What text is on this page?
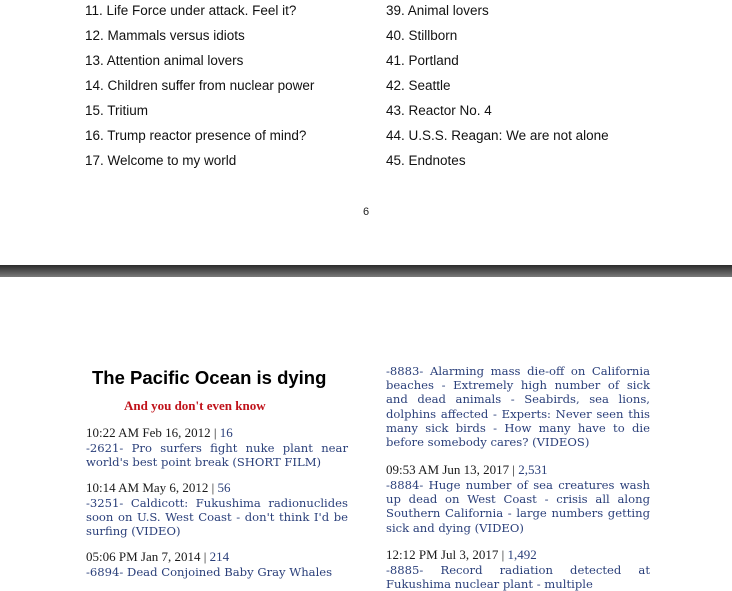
11. Life Force under attack. Feel it?
12. Mammals versus idiots
13. Attention animal lovers
14. Children suffer from nuclear power
15. Tritium
16. Trump reactor presence of mind?
17. Welcome to my world
39. Animal lovers
40. Stillborn
41. Portland
42. Seattle
43. Reactor No. 4
44. U.S.S. Reagan: We are not alone
45. Endnotes
6
The Pacific Ocean is dying
And you don't even know
10:22 AM Feb 16, 2012 | 16
-2621- Pro surfers fight nuke plant near world's best point break (SHORT FILM)
10:14 AM May 6, 2012 | 56
-3251- Caldicott: Fukushima radionuclides soon on U.S. West Coast - don't think I'd be surfing (VIDEO)
05:06 PM Jan 7, 2014 | 214
-6894- Dead Conjoined Baby Gray Whales
-8883- Alarming mass die-off on California beaches - Extremely high number of sick and dead animals - Seabirds, sea lions, dolphins affected - Experts: Never seen this many sick birds - How many have to die before somebody cares? (VIDEOS)
09:53 AM Jun 13, 2017 | 2,531
-8884- Huge number of sea creatures wash up dead on West Coast - crisis all along Southern California - large numbers getting sick and dying (VIDEO)
12:12 PM Jul 3, 2017 | 1,492
-8885- Record radiation detected at Fukushima nuclear plant - multiple
